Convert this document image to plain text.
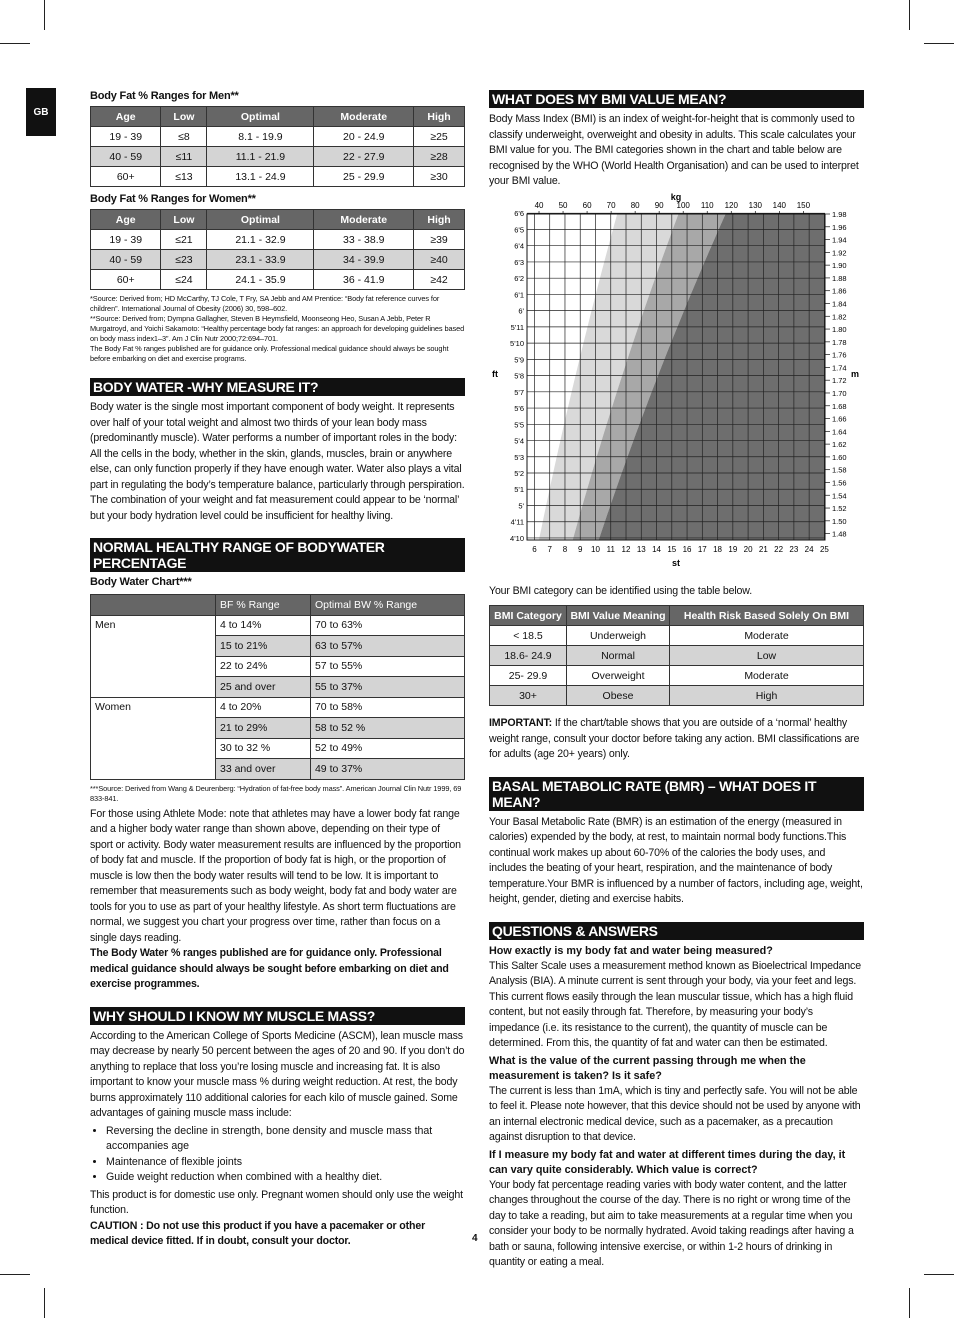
GB
Body Fat % Ranges for Men**
Age	Low	Optimal	Moderate	High
19 - 39	≤8	8.1 - 19.9	20 - 24.9	≥25
40 - 59	≤11	11.1 - 21.9	22 - 27.9	≥28
60+	≤13	13.1 - 24.9	25 - 29.9	≥30
Body Fat % Ranges for Women**
Age	Low	Optimal	Moderate	High
19 - 39	≤21	21.1 - 32.9	33 - 38.9	≥39
40 - 59	≤23	23.1 - 33.9	34 - 39.9	≥40
60+	≤24	24.1 - 35.9	36 - 41.9	≥42
*Source: Derived from; HD McCarthy, TJ Cole, T Fry, SA Jebb and AM Prentice: “Body fat reference curves for children”. International Journal of Obesity (2006) 30, 598–602.
**Source: Derived from; Dympna Gallagher, Steven B Heymsfield, Moonseong Heo, Susan A Jebb, Peter R Murgatroyd, and Yoichi Sakamoto: “Healthy percentage body fat ranges: an approach for developing guidelines based on body mass index1–3”. Am J Clin Nutr 2000;72:694–701.
The Body Fat % ranges published are for guidance only. Professional medical guidance should always be sought before embarking on diet and exercise programs.
BODY WATER -WHY MEASURE IT?

Body water is the single most important component of body weight. It represents over half of your total weight and almost two thirds of your lean body mass (predominantly muscle). Water performs a number of important roles in the body:

All the cells in the body, whether in the skin, glands, muscles, brain or anywhere else, can only function properly if they have enough water. Water also plays a vital part in regulating the body’s temperature balance, particularly through perspiration.

The combination of your weight and fat measurement could appear to be ‘normal’ but your body hydration level could be insufficient for healthy living.

NORMAL HEALTHY RANGE OF BODYWATER PERCENTAGE
Body Water Chart***
	BF % Range	Optimal BW % Range
Men	4 to 14%	70 to 63%
	15 to 21%	63 to 57%
	22 to 24%	57 to 55%
	25 and over	55 to 37%
Women	4 to 20%	70 to 58%
	21 to 29%	58 to 52 %
	30 to 32 %	52 to 49%
	33 and over	49 to 37%
***Source: Derived from Wang & Deurenberg: “Hydration of fat-free body mass”. American Journal Clin Nutr 1999, 69 833-841.

For those using Athlete Mode: note that athletes may have a lower body fat range and a higher body water range than shown above, depending on their type of sport or activity. Body water measurement results are influenced by the proportion of body fat and muscle. If the proportion of body fat is high, or the proportion of muscle is low then the body water results will tend to be low. It is important to remember that measurements such as body weight, body fat and body water are tools for you to use as part of your healthy lifestyle. As short term fluctuations are normal, we suggest you chart your progress over time, rather than focus on a single days reading.

The Body Water % ranges published are for guidance only. Professional medical guidance should always be sought before embarking on diet and exercise programmes.

WHY SHOULD I KNOW MY MUSCLE MASS?

According to the American College of Sports Medicine (ASCM), lean muscle mass may decrease by nearly 50 percent between the ages of 20 and 90. If you don’t do anything to replace that loss you’re losing muscle and increasing fat. It is also important to know your muscle mass % during weight reduction. At rest, the body burns approximately 110 additional calories for each kilo of muscle gained. Some advantages of gaining muscle mass include:

• Reversing the decline in strength, bone density and muscle mass that accompanies age
• Maintenance of flexible joints
• Guide weight reduction when combined with a healthy diet.

This product is for domestic use only. Pregnant women should only use the weight function.

CAUTION : Do not use this product if you have a pacemaker or other medical device fitted. If in doubt, consult your doctor.

WHAT DOES MY BMI VALUE MEAN?

Body Mass Index (BMI) is an index of weight-for-height that is commonly used to classify underweight, overweight and obesity in adults. This scale calculates your BMI value for you. The BMI categories shown in the chart and table below are recognised by the WHO (World Health Organisation) and can be used to interpret your BMI value.

6 7 8 9 10 11 12 13 14 15 16 17 18 19 20 21 22 23 24 25
6'6
6'5
6'4
6'3
6'2
6'1
6'
5'11
5'10
5'9
5'8
5'7
5'6
5'5
5'4
5'3
5'2
5'1
5'
4'11
4'10
40 50 60 70 80 90 100 110 120 130 140 150
1.98
1.96
1.94
1.92
1.90
1.88
1.86
1.84
1.82
1.80
1.78
1.76
1.74
1.72
1.70
1.68
1.66
1.64
1.62
1.60
1.58
1.56
1.54
1.52
1.50
1.48
kg
st
ft	m

Your BMI category can be identified using the table below.

BMI Category	BMI Value Meaning	Health Risk Based Solely On BMI
< 18.5	Underweigh	Moderate
18.6- 24.9	Normal	Low
25- 29.9	Overweight	Moderate
30+	Obese	High

IMPORTANT: If the chart/table shows that you are outside of a ‘normal’ healthy weight range, consult your doctor before taking any action. BMI classifications are for adults (age 20+ years) only.

BASAL METABOLIC RATE (BMR) – WHAT DOES IT MEAN?

Your Basal Metabolic Rate (BMR) is an estimation of the energy (measured in calories) expended by the body, at rest, to maintain normal body functions.This continual work makes up about 60-70% of the calories the body uses, and includes the beating of your heart, respiration, and the maintenance of body temperature.Your BMR is influenced by a number of factors, including age, weight, height, gender, dieting and exercise habits.

QUESTIONS & ANSWERS
How exactly is my body fat and water being measured?

This Salter Scale uses a measurement method known as Bioelectrical Impedance Analysis (BIA). A minute current is sent through your body, via your feet and legs. This current flows easily through the lean muscular tissue, which has a high fluid content, but not easily through fat. Therefore, by measuring your body’s impedance (i.e. its resistance to the current), the quantity of muscle can be determined. From this, the quantity of fat and water can then be estimated.

What is the value of the current passing through me when the measurement is taken? Is it safe?

The current is less than 1mA, which is tiny and perfectly safe. You will not be able to feel it. Please note however, that this device should not be used by anyone with an internal electronic medical device, such as a pacemaker, as a precaution against disruption to that device.

If I measure my body fat and water at different times during the day, it can vary quite considerably. Which value is correct?

Your body fat percentage reading varies with body water content, and the latter changes throughout the course of the day. There is no right or wrong time of the day to take a reading, but aim to take measurements at a regular time when you consider your body to be normally hydrated. Avoid taking readings after having a bath or sauna, following intensive exercise, or within 1-2 hours of drinking in quantity or eating a meal.

4
